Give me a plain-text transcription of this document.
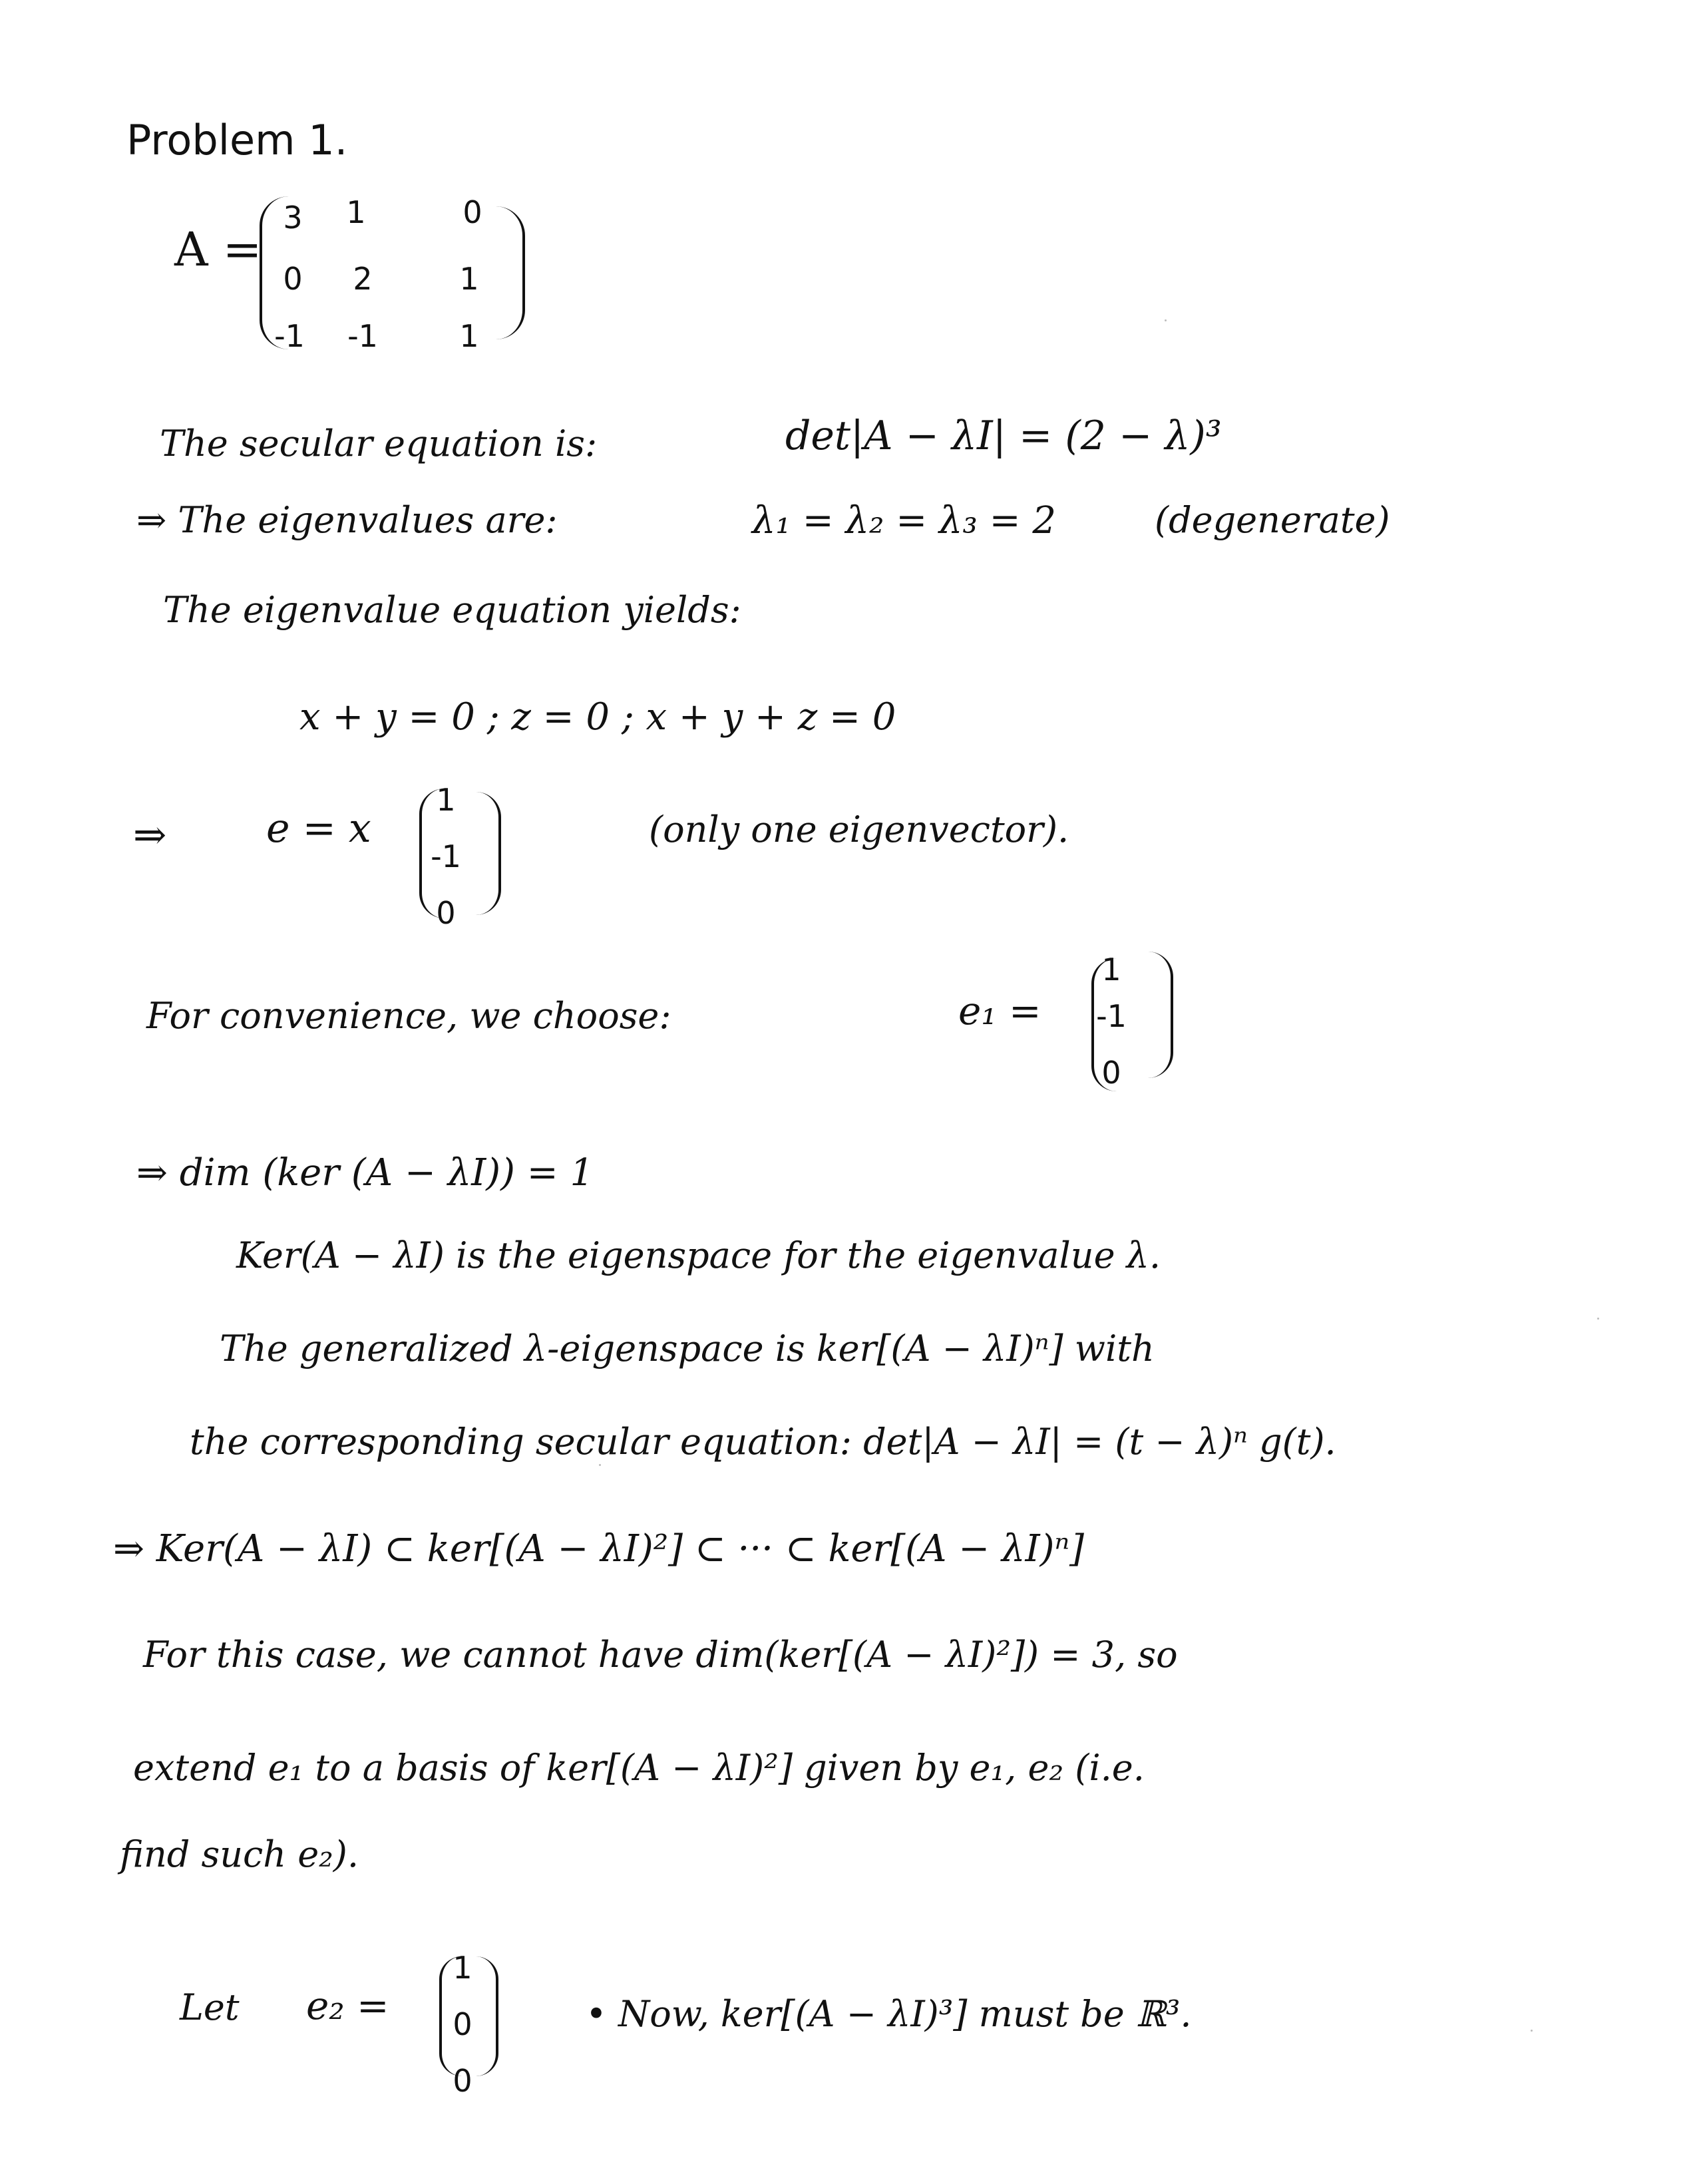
Problem 1.
A =
3	1	0
0	2	1
-1 -1	1
The secular equation is:	det|A − λI| = (2 − λ)³
⇒ The eigenvalues are:	λ₁ = λ₂ = λ₃ = 2	(degenerate)
The eigenvalue equation yields:
x + y = 0 ; z = 0 ; x + y + z = 0
⇒ e = x
1
-1
0
(only one eigenvector).
For convenience, we choose:	e₁ =
1
-1
0
⇒ dim (ker (A − λI)) = 1
Ker(A − λI) is the eigenspace for the eigenvalue λ.
The generalized λ-eigenspace is ker[(A − λI)ⁿ] with
the corresponding secular equation: det|A − λI| = (t − λ)ⁿ g(t).
⇒ Ker(A − λI) ⊂ ker[(A − λI)²] ⊂ ··· ⊂ ker[(A − λI)ⁿ]
For this case, we cannot have dim(ker[(A − λI)²]) = 3, so
extend e₁ to a basis of ker[(A − λI)²] given by e₁, e₂ (i.e.
find such e₂).
Let e₂ =
1
0
0
• Now, ker[(A − λI)³] must be ℝ³.
